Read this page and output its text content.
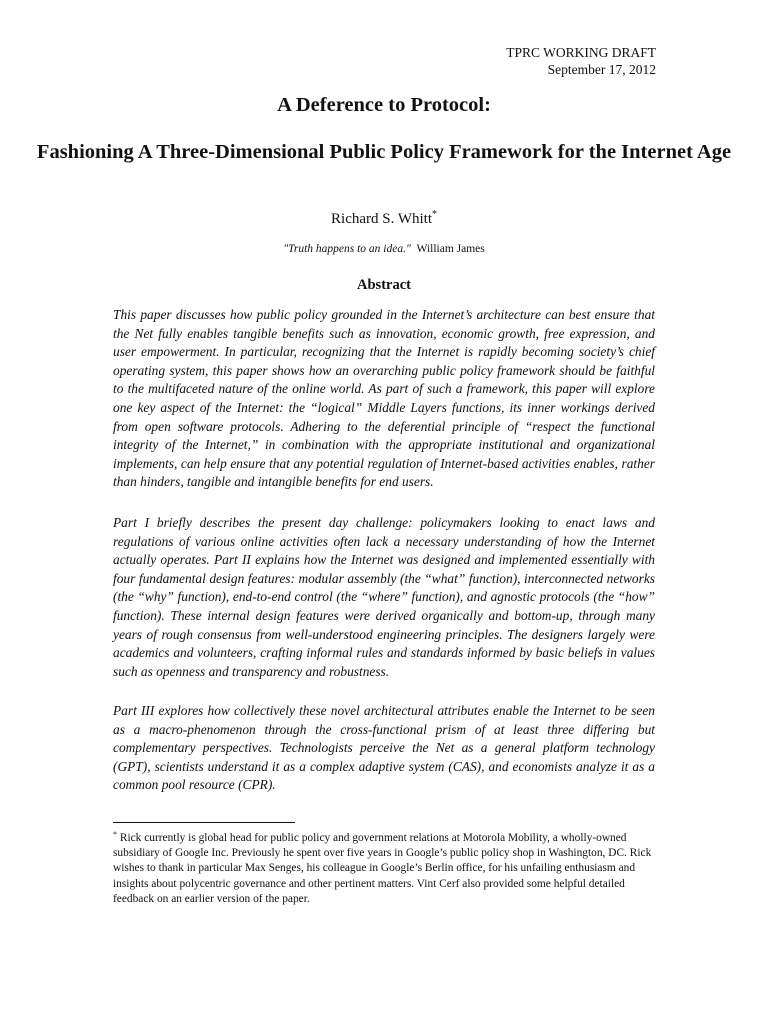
TPRC WORKING DRAFT
September 17, 2012
A Deference to Protocol:
Fashioning A Three-Dimensional Public Policy Framework for the Internet Age
Richard S. Whitt*
"Truth happens to an idea." William James
Abstract

This paper discusses how public policy grounded in the Internet’s architecture can best ensure that the Net fully enables tangible benefits such as innovation, economic growth, free expression, and user empowerment. In particular, recognizing that the Internet is rapidly becoming society’s chief operating system, this paper shows how an overarching public policy framework should be faithful to the multifaceted nature of the online world. As part of such a framework, this paper will explore one key aspect of the Internet: the “logical” Middle Layers functions, its inner workings derived from open software protocols. Adhering to the deferential principle of “respect the functional integrity of the Internet,” in combination with the appropriate institutional and organizational implements, can help ensure that any potential regulation of Internet-based activities enables, rather than hinders, tangible and intangible benefits for end users.

Part I briefly describes the present day challenge: policymakers looking to enact laws and regulations of various online activities often lack a necessary understanding of how the Internet actually operates. Part II explains how the Internet was designed and implemented essentially with four fundamental design features: modular assembly (the “what” function), interconnected networks (the “why” function), end-to-end control (the “where” function), and agnostic protocols (the “how” function). These internal design features were derived organically and bottom-up, through many years of rough consensus from well-understood engineering principles. The designers largely were academics and volunteers, crafting informal rules and standards informed by basic beliefs in values such as openness and transparency and robustness.

Part III explores how collectively these novel architectural attributes enable the Internet to be seen as a macro-phenomenon through the cross-functional prism of at least three differing but complementary perspectives. Technologists perceive the Net as a general platform technology (GPT), scientists understand it as a complex adaptive system (CAS), and economists analyze it as a common pool resource (CPR).

* Rick currently is global head for public policy and government relations at Motorola Mobility, a wholly-owned subsidiary of Google Inc. Previously he spent over five years in Google’s public policy shop in Washington, DC. Rick wishes to thank in particular Max Senges, his colleague in Google’s Berlin office, for his unfailing enthusiasm and insights about polycentric governance and other pertinent matters. Vint Cerf also provided some helpful detailed feedback on an earlier version of the paper.
